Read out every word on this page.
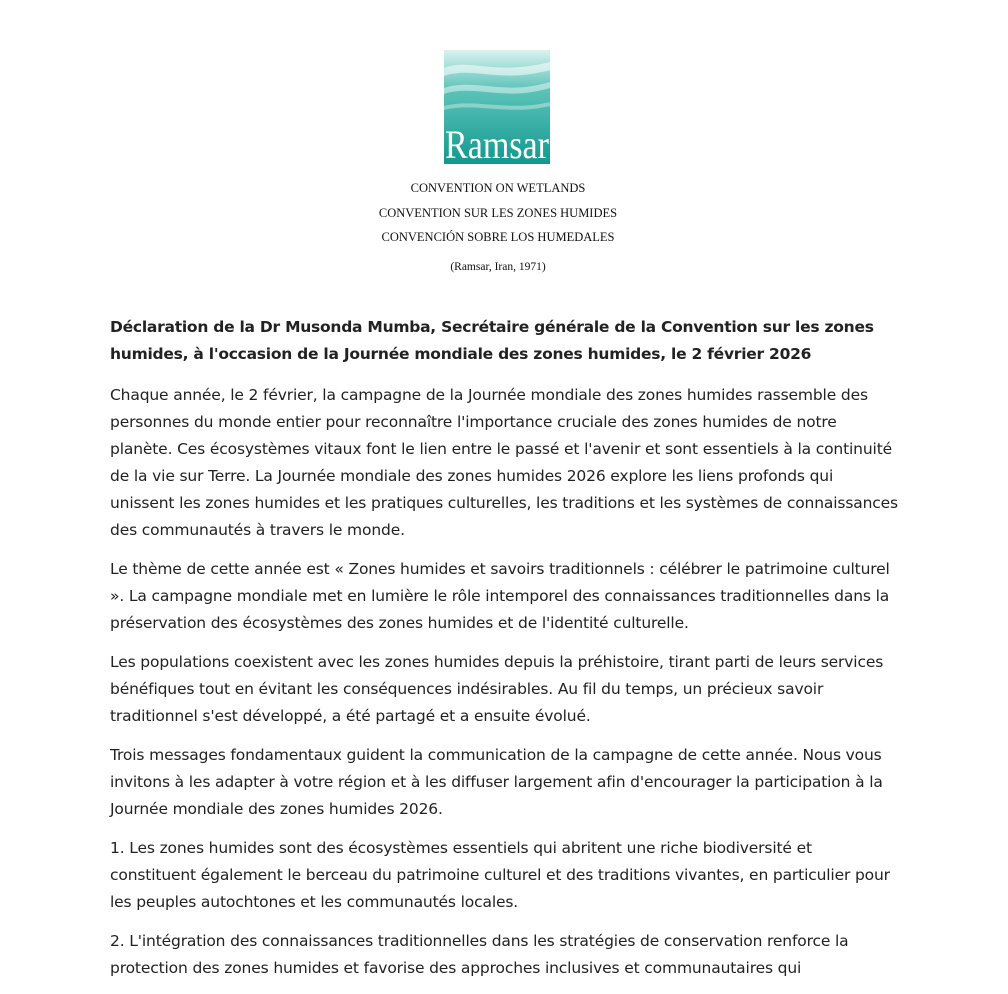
Ramsar
CONVENTION ON WETLANDS
CONVENTION SUR LES ZONES HUMIDES
CONVENCIÓN SOBRE LOS HUMEDALES
(Ramsar, Iran, 1971)

Déclaration de la Dr Musonda Mumba, Secrétaire générale de la Convention sur les zones humides, à l'occasion de la Journée mondiale des zones humides, le 2 février 2026

Chaque année, le 2 février, la campagne de la Journée mondiale des zones humides rassemble des personnes du monde entier pour reconnaître l'importance cruciale des zones humides de notre planète. Ces écosystèmes vitaux font le lien entre le passé et l'avenir et sont essentiels à la continuité de la vie sur Terre. La Journée mondiale des zones humides 2026 explore les liens profonds qui unissent les zones humides et les pratiques culturelles, les traditions et les systèmes de connaissances des communautés à travers le monde.

Le thème de cette année est « Zones humides et savoirs traditionnels : célébrer le patrimoine culturel ». La campagne mondiale met en lumière le rôle intemporel des connaissances traditionnelles dans la préservation des écosystèmes des zones humides et de l'identité culturelle.

Les populations coexistent avec les zones humides depuis la préhistoire, tirant parti de leurs services bénéfiques tout en évitant les conséquences indésirables. Au fil du temps, un précieux savoir traditionnel s'est développé, a été partagé et a ensuite évolué.

Trois messages fondamentaux guident la communication de la campagne de cette année. Nous vous invitons à les adapter à votre région et à les diffuser largement afin d'encourager la participation à la Journée mondiale des zones humides 2026.

1. Les zones humides sont des écosystèmes essentiels qui abritent une riche biodiversité et constituent également le berceau du patrimoine culturel et des traditions vivantes, en particulier pour les peuples autochtones et les communautés locales.

2. L'intégration des connaissances traditionnelles dans les stratégies de conservation renforce la protection des zones humides et favorise des approches inclusives et communautaires qui
